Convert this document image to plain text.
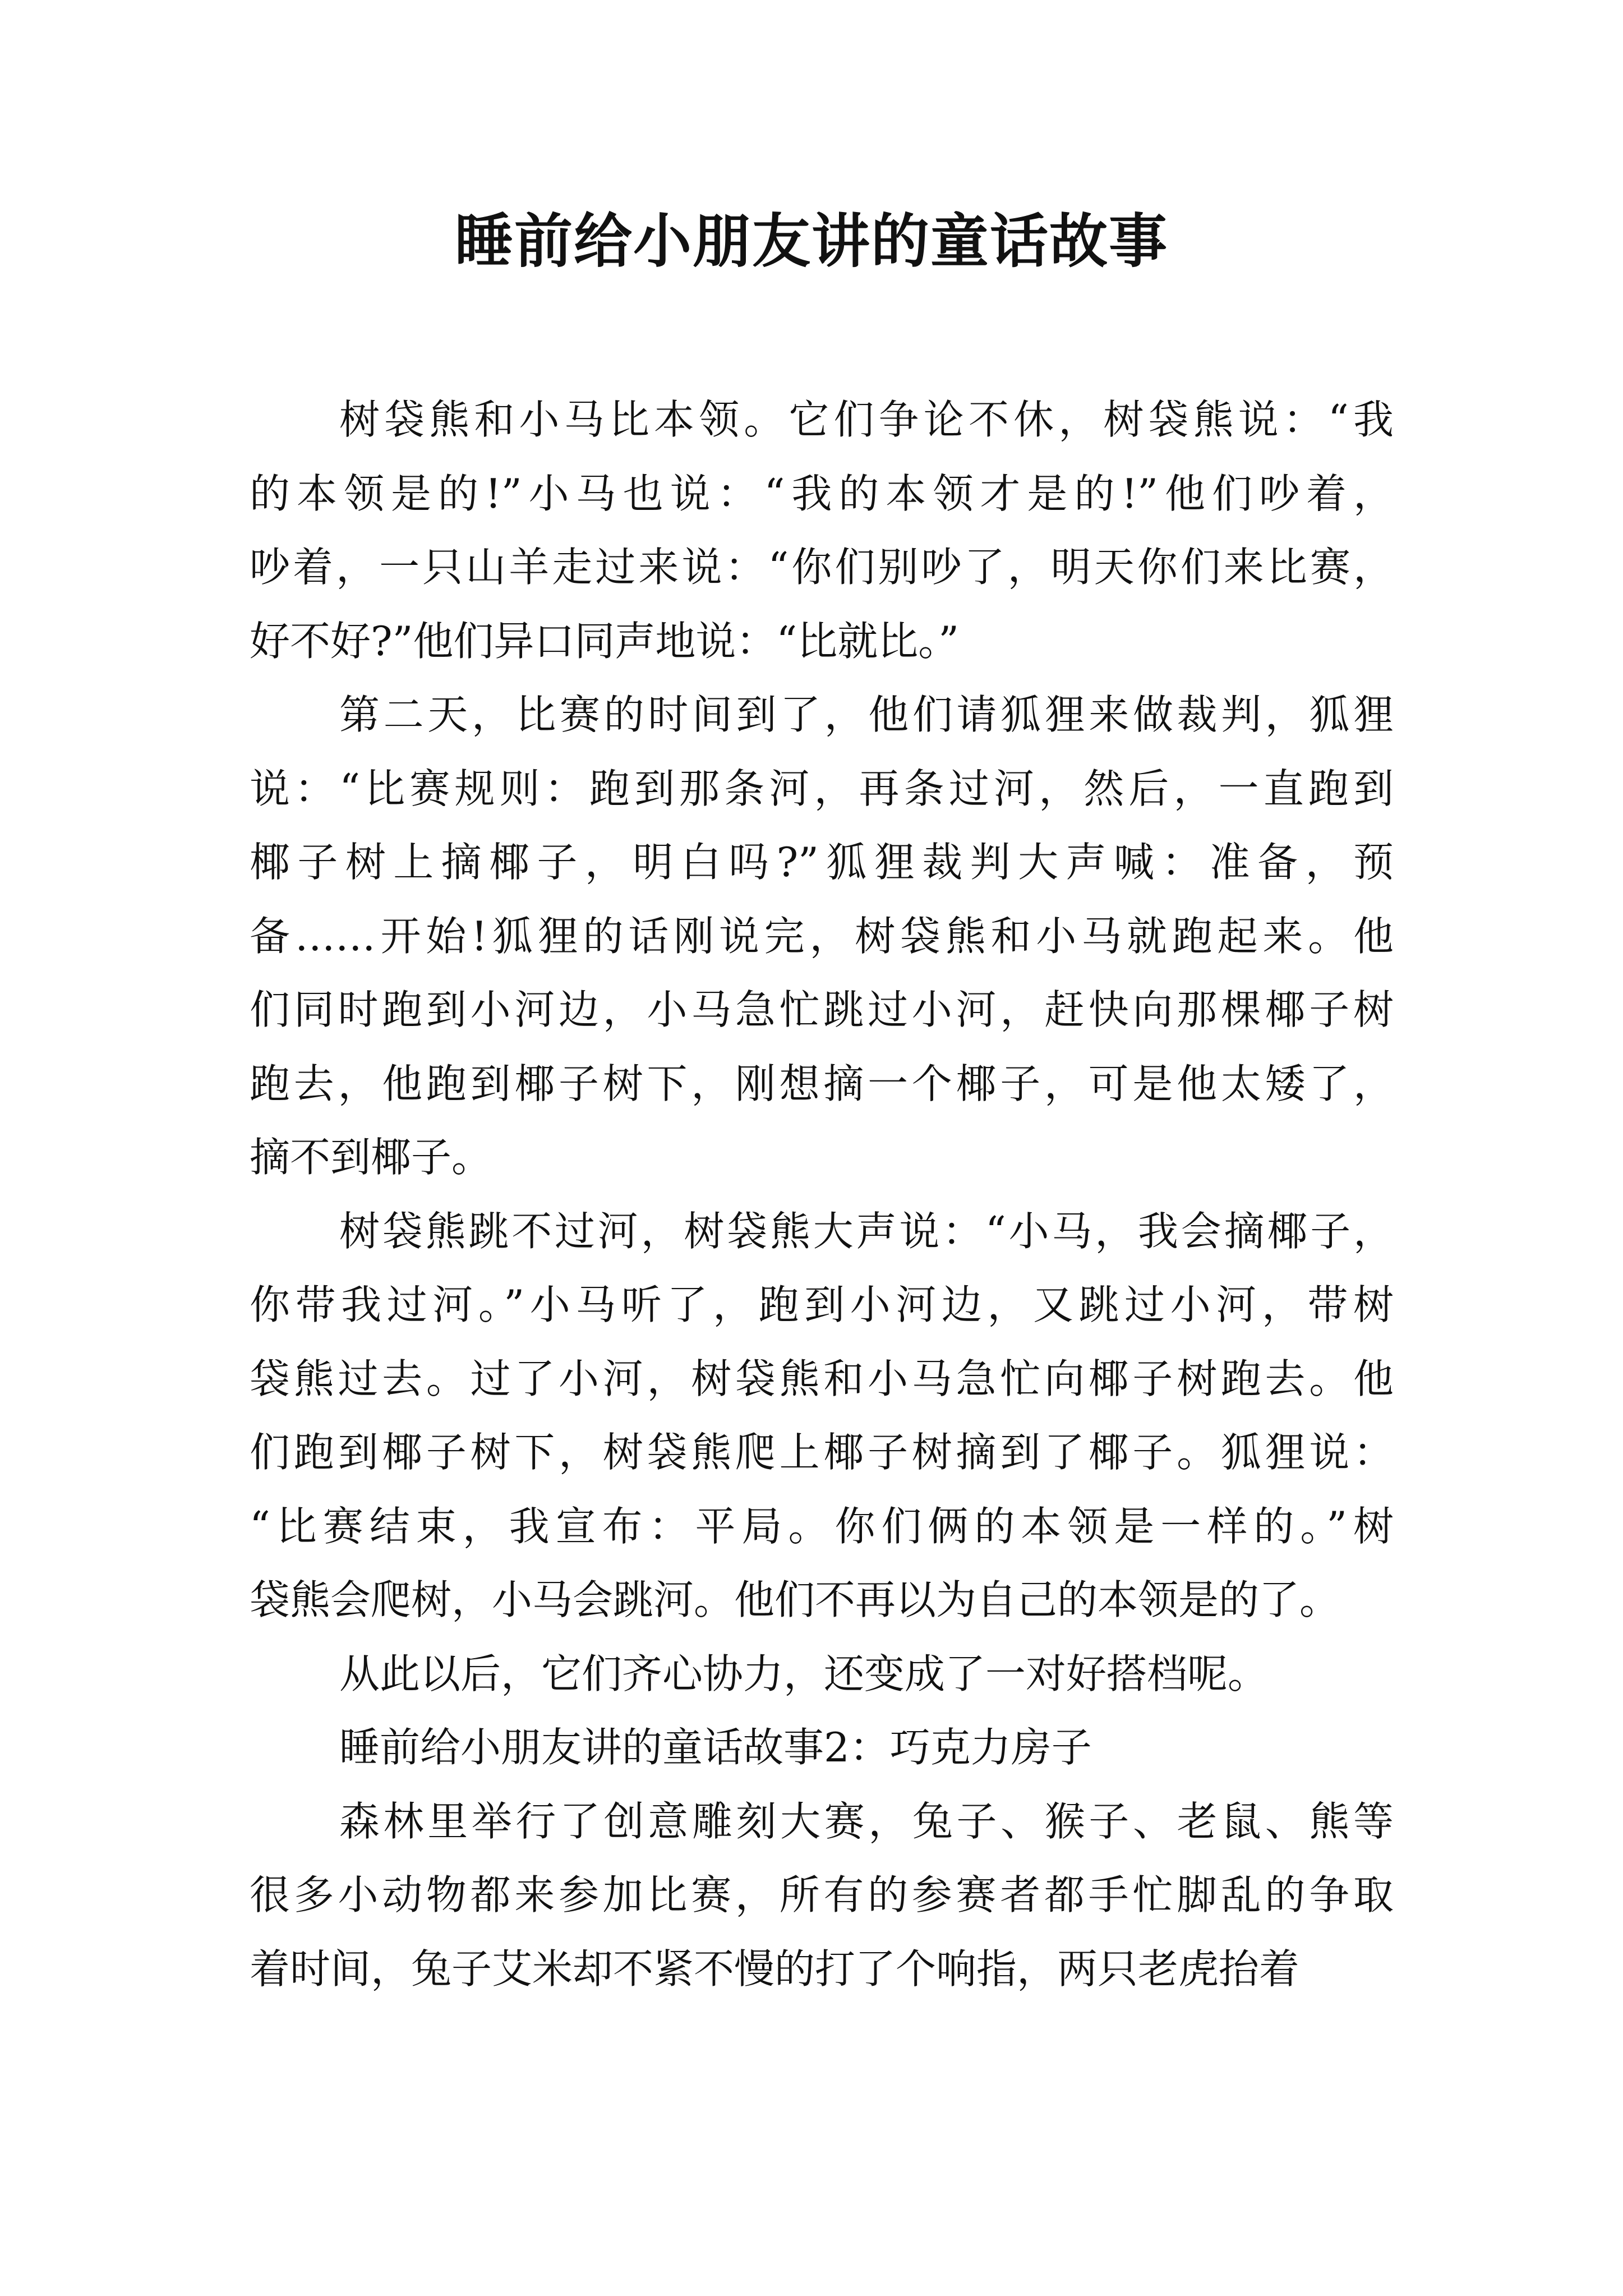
睡前给小朋友讲的童话故事
树袋熊和小马比本领。它们争论不休，树袋熊说：“我
的本领是的!”小马也说：“我的本领才是的!”他们吵着，
吵着，一只山羊走过来说：“你们别吵了，明天你们来比赛，
好不好?”他们异口同声地说：“比就比。”
第二天，比赛的时间到了，他们请狐狸来做裁判，狐狸
说：“比赛规则：跑到那条河，再条过河，然后，一直跑到
椰子树上摘椰子，明白吗?”狐狸裁判大声喊：准备，预
备……开始!狐狸的话刚说完，树袋熊和小马就跑起来。他
们同时跑到小河边，小马急忙跳过小河，赶快向那棵椰子树
跑去，他跑到椰子树下，刚想摘一个椰子，可是他太矮了，
摘不到椰子。
树袋熊跳不过河，树袋熊大声说：“小马，我会摘椰子，
你带我过河。”小马听了，跑到小河边，又跳过小河，带树
袋熊过去。过了小河，树袋熊和小马急忙向椰子树跑去。他
们跑到椰子树下，树袋熊爬上椰子树摘到了椰子。狐狸说：
“比赛结束，我宣布：平局。你们俩的本领是一样的。”树
袋熊会爬树，小马会跳河。他们不再以为自己的本领是的了。
从此以后，它们齐心协力，还变成了一对好搭档呢。
睡前给小朋友讲的童话故事2：巧克力房子
森林里举行了创意雕刻大赛，兔子、猴子、老鼠、熊等
很多小动物都来参加比赛，所有的参赛者都手忙脚乱的争取
着时间，兔子艾米却不紧不慢的打了个响指，两只老虎抬着
